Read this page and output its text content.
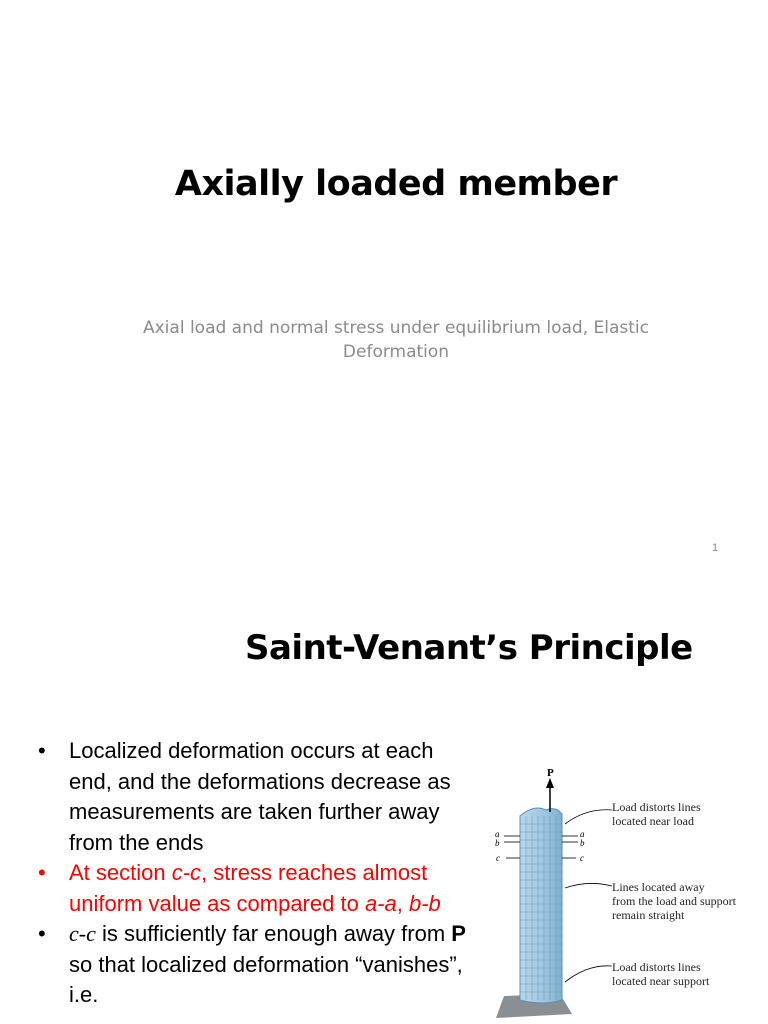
Axially loaded member
Axial load and normal stress under equilibrium load, Elastic
Deformation
1
Saint-Venant’s Principle
• Localized deformation occurs at each end, and the deformations decrease as measurements are taken further away from the ends
• At section c-c, stress reaches almost uniform value as compared to a-a, b-b
• c-c is sufficiently far enough away from P so that localized deformation “vanishes”, i.e.
P
a
b
c
a
b
c
Load distorts lines
located near load
Lines located away
from the load and support
remain straight
Load distorts lines
located near support
